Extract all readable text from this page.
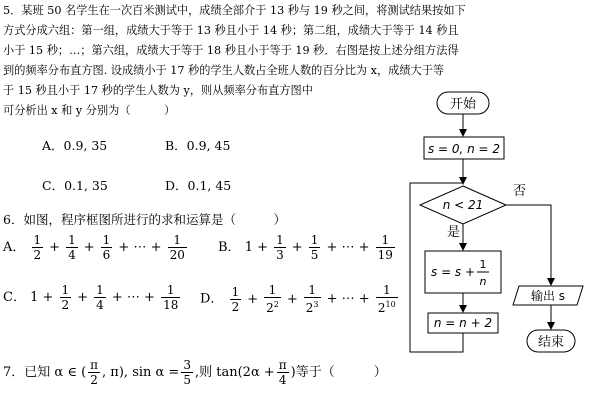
5．某班 50 名学生在一次百米测试中，成绩全部介于 13 秒与 19 秒之间，将测试结果按如下
方式分成六组：第一组，成绩大于等于 13 秒且小于 14 秒；第二组，成绩大于等于 14 秒且
小于 15 秒；…；第六组，成绩大于等于 18 秒且小于等于 19 秒．右图是按上述分组方法得
到的频率分布直方图. 设成绩小于 17 秒的学生人数占全班人数的百分比为 x，成绩大于等
于 15 秒且小于 17 秒的学生人数为 y，则从频率分布直方图中
可分析出 x 和 y 分别为（　　　）
A．0.9, 35	B．0.9, 45
C．0.1, 35	D．0.1, 45
6．如图，程序框图所进行的求和运算是（　　　）
A． $\frac{1}{2} + \frac{1}{4} + \frac{1}{6}$ + ⋯ + $\frac{1}{20}$ B． $1 + \frac{1}{3} + \frac{1}{5}$ + ⋯ + $\frac{1}{19}$
C． $1 + \frac{1}{2} + \frac{1}{4}$ + ⋯ + $\frac{1}{18}$ D． $\frac{1}{2} + \frac{1}{2^2} + \frac{1}{2^3}$ + ⋯ + $\frac{1}{2^{10}}$
7．已知 α ∈ ( $\frac{\pi}{2}$ , π), $\sin \alpha = \frac{3}{5}$ ,则 $\tan(2\alpha + \frac{\pi}{4}$ )等于（　　　）
开始
s = 0, n = 2
n < 21
否
是
s = s +
1
n
n = n + 2
输出 s
结束
